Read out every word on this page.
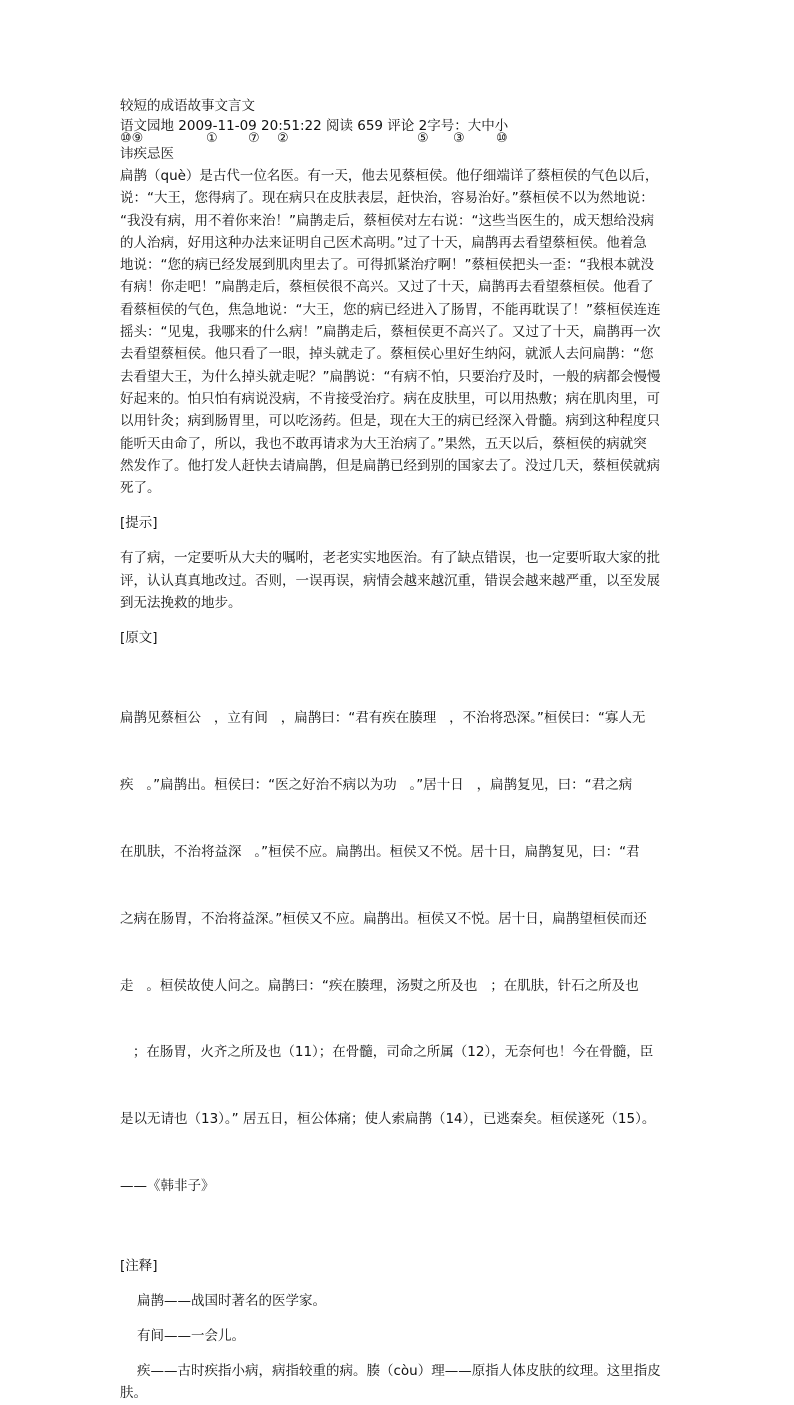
较短的成语故事文言文
语文园地 2009-11-09 20:51:22 阅读 659 评论 2字号：大中小
⑩⑨	① ⑦ ②	⑤ ③ ⑩
讳疾忌医
扁鹊（què）是古代一位名医。有一天，他去见蔡桓侯。他仔细端详了蔡桓侯的气色以后，
说：“大王，您得病了。现在病只在皮肤表层，赶快治，容易治好。”蔡桓侯不以为然地说：
“我没有病，用不着你来治！”扁鹊走后，蔡桓侯对左右说：“这些当医生的，成天想给没病
的人治病，好用这种办法来证明自己医术高明。”过了十天，扁鹊再去看望蔡桓侯。他着急
地说：“您的病已经发展到肌肉里去了。可得抓紧治疗啊！”蔡桓侯把头一歪：“我根本就没
有病！你走吧！”扁鹊走后，蔡桓侯很不高兴。又过了十天，扁鹊再去看望蔡桓侯。他看了
看蔡桓侯的气色，焦急地说：“大王，您的病已经进入了肠胃，不能再耽误了！”蔡桓侯连连
摇头：“见鬼，我哪来的什么病！”扁鹊走后，蔡桓侯更不高兴了。又过了十天，扁鹊再一次
去看望蔡桓侯。他只看了一眼，掉头就走了。蔡桓侯心里好生纳闷，就派人去问扁鹊：“您
去看望大王，为什么掉头就走呢？”扁鹊说：“有病不怕，只要治疗及时，一般的病都会慢慢
好起来的。怕只怕有病说没病，不肯接受治疗。病在皮肤里，可以用热敷；病在肌肉里，可
以用针灸；病到肠胃里，可以吃汤药。但是，现在大王的病已经深入骨髓。病到这种程度只
能听天由命了，所以，我也不敢再请求为大王治病了。”果然，五天以后，蔡桓侯的病就突
然发作了。他打发人赶快去请扁鹊，但是扁鹊已经到别的国家去了。没过几天，蔡桓侯就病
死了。
[提示]
有了病，一定要听从大夫的嘱咐，老老实实地医治。有了缺点错误，也一定要听取大家的批
评，认认真真地改过。否则，一误再误，病情会越来越沉重，错误会越来越严重，以至发展
到无法挽救的地步。
[原文]

扁鹊见蔡桓公   ，立有间   ，扁鹊曰：“君有疾在腠理   ，不治将恐深。”桓侯曰：“寡人无

疾   。”扁鹊出。桓侯曰：“医之好治不病以为功   。”居十日   ，扁鹊复见，曰：“君之病

在肌肤，不治将益深   。”桓侯不应。扁鹊出。桓侯又不悦。居十日，扁鹊复见，曰：“君

之病在肠胃，不治将益深。”桓侯又不应。扁鹊出。桓侯又不悦。居十日，扁鹊望桓侯而还

走   。桓侯故使人问之。扁鹊曰：“疾在腠理，汤熨之所及也   ；在肌肤，针石之所及也

；在肠胃，火齐之所及也（11）；在骨髓，司命之所属（12），无奈何也！今在骨髓，臣

是以无请也（13）。” 居五日，桓公体痛；使人索扁鹊（14），已逃秦矣。桓侯遂死（15）。

——《韩非子》

[注释]
扁鹊——战国时著名的医学家。
有间——一会儿。
疾——古时疾指小病，病指较重的病。腠（còu）理——原指人体皮肤的纹理。这里指皮
肤。
